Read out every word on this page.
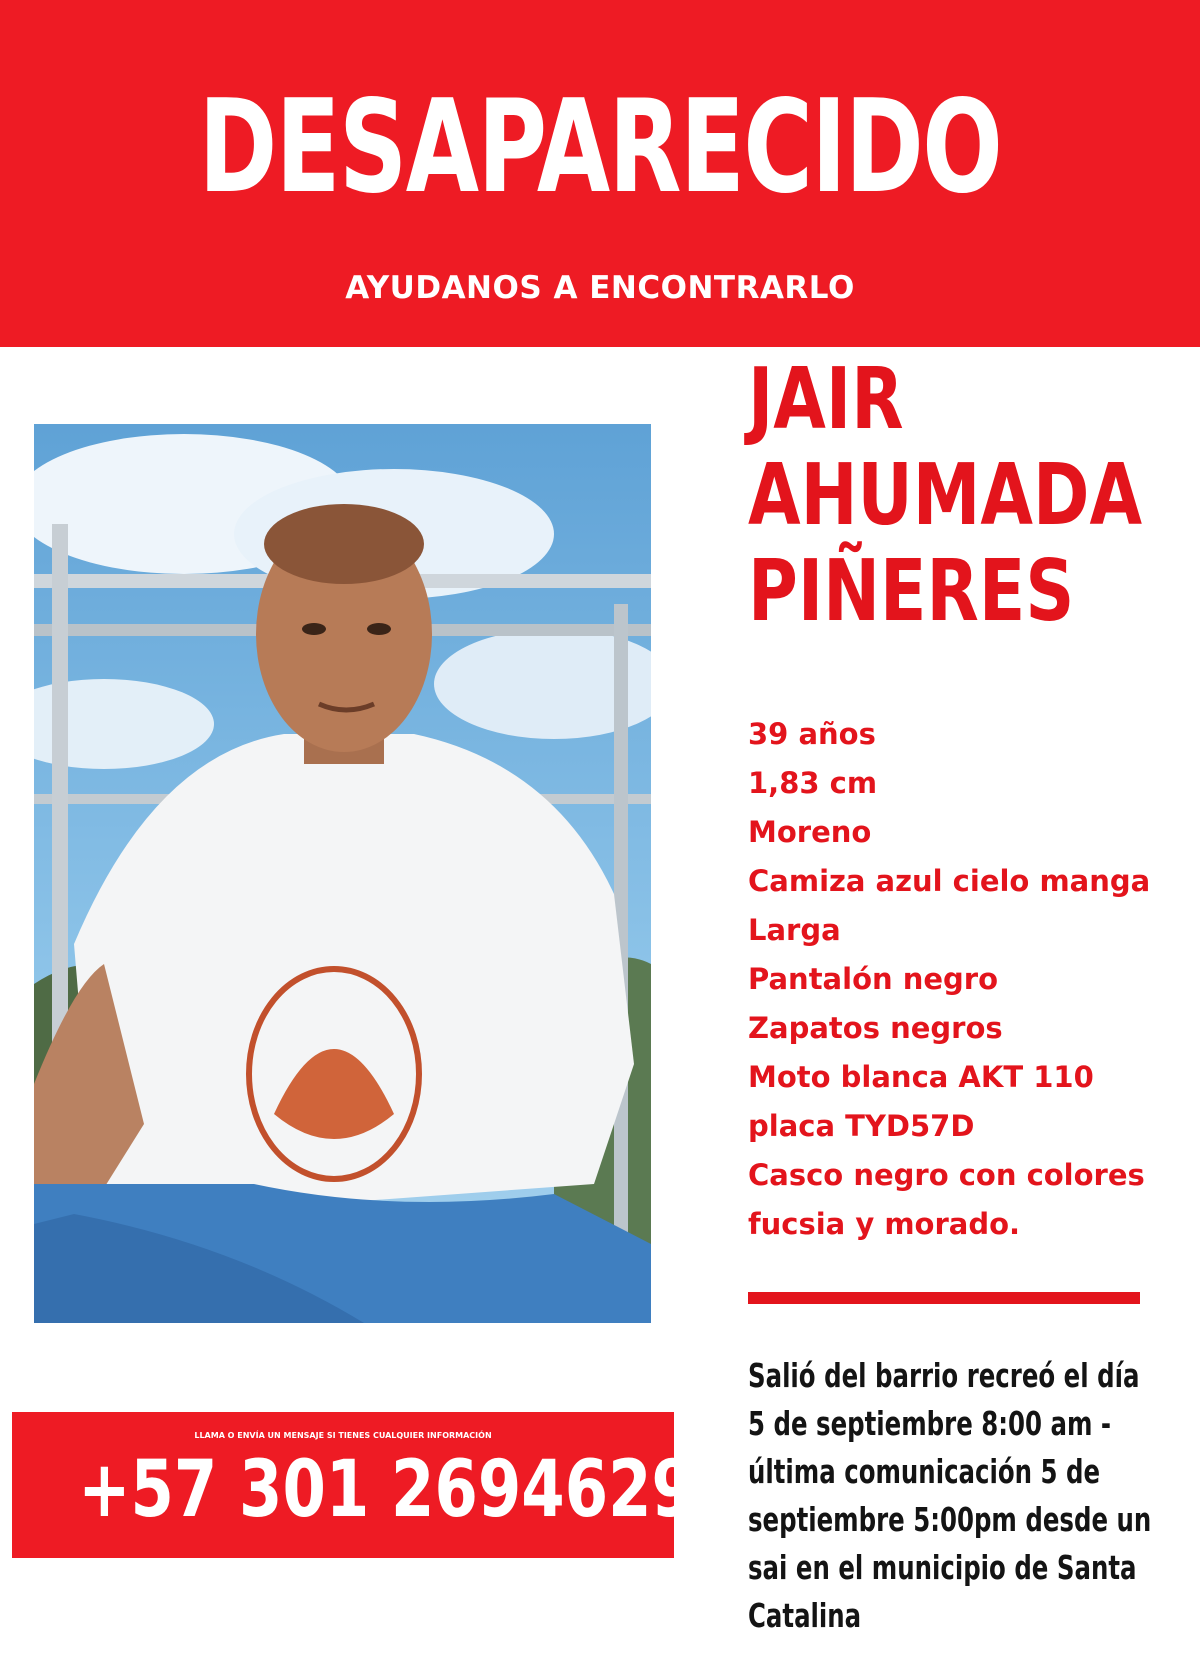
DESAPARECIDO
AYUDANOS A ENCONTRARLO
JAIR
AHUMADA
PIÑERES
39 años
1,83 cm
Moreno
Camiza azul cielo manga
Larga
Pantalón negro
Zapatos negros
Moto blanca AKT 110
placa TYD57D
Casco negro con colores
fucsia y morado.
LLAMA O ENVÍA UN MENSAJE SI TIENES CUALQUIER INFORMACIÓN
+57 301 2694629
Salió del barrio recreó el día
5 de septiembre 8:00 am -
última comunicación 5 de
septiembre 5:00pm desde un
sai en el municipio de Santa
Catalina
